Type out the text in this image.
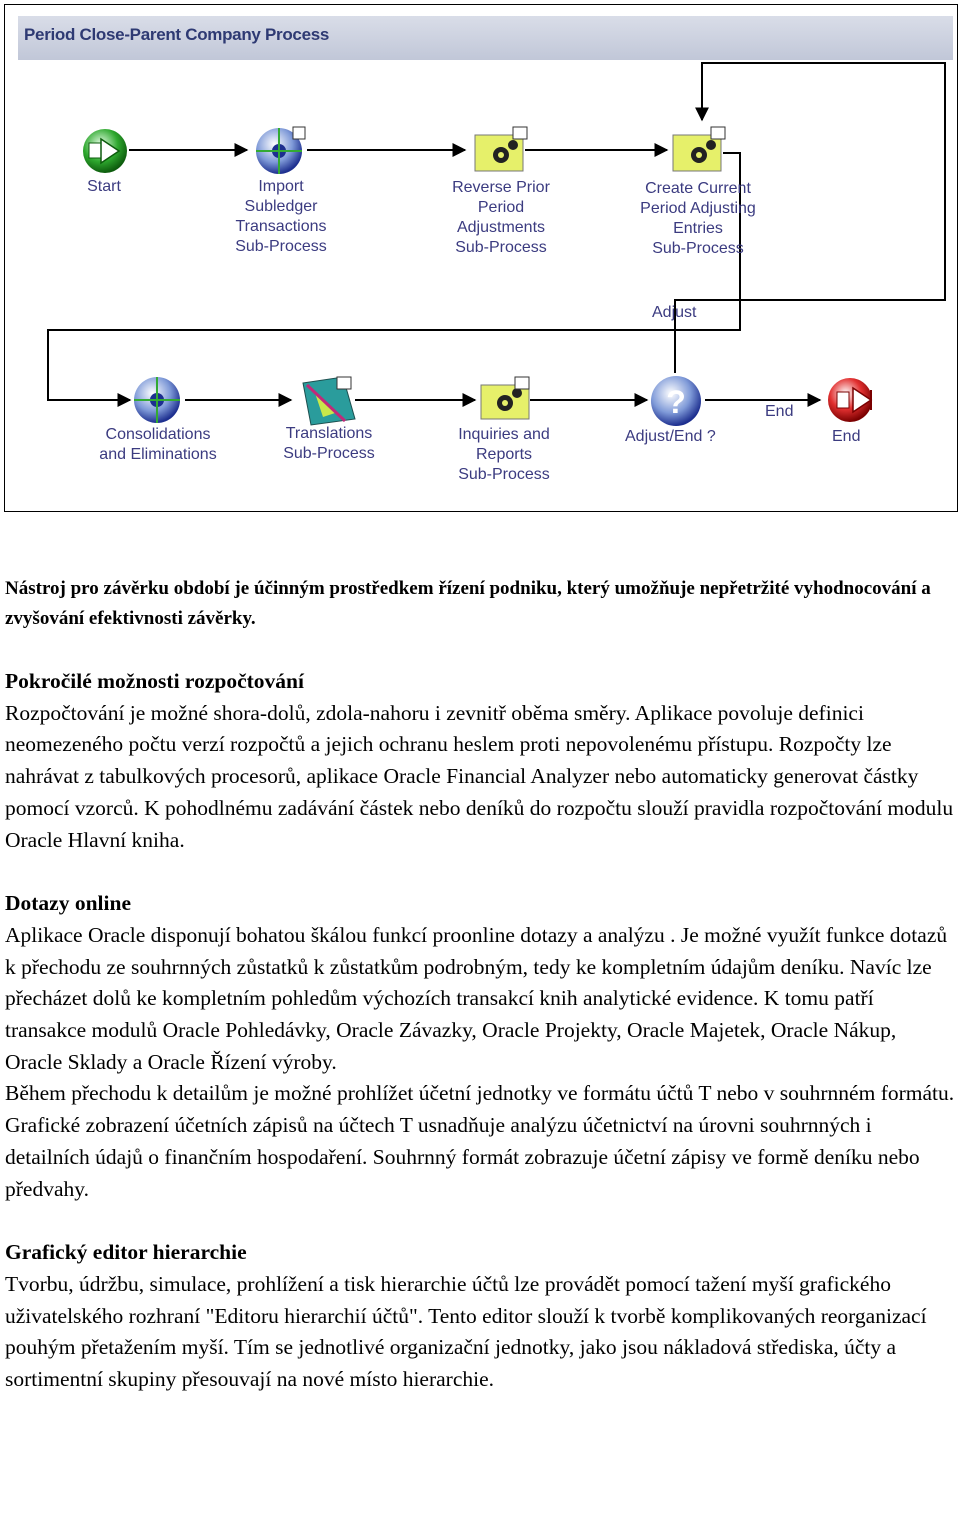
Period Close-Parent Company Process
?
Start	Import
Subledger
Transactions
Sub-Process
Reverse Prior
Period
Adjustments
Sub-Process
Create Current
Period Adjusting
Entries
Sub-Process
Adjust
Consolidations
and Eliminations
Translations
Sub-Process
Inquiries and
Reports
Sub-Process
Adjust/End ?
End
End

Nástroj pro závěrku období je účinným prostředkem řízení podniku, který umožňuje nepřetržité vyhodnocování a zvyšování efektivnosti závěrky.

Pokročilé možnosti rozpočtování

Rozpočtování je možné shora-dolů, zdola-nahoru i zevnitř oběma směry. Aplikace povoluje definici neomezeného počtu verzí rozpočtů a jejich ochranu heslem proti nepovolenému přístupu. Rozpočty lze nahrávat z tabulkových procesorů, aplikace Oracle Financial Analyzer nebo automaticky generovat částky pomocí vzorců. K pohodlnému zadávání částek nebo deníků do rozpočtu slouží pravidla rozpočtování modulu Oracle Hlavní kniha.

Dotazy online

Aplikace Oracle disponují bohatou škálou funkcí proonline dotazy a analýzu . Je možné využít funkce dotazů k přechodu ze souhrnných zůstatků k zůstatkům podrobným, tedy ke kompletním údajům deníku. Navíc lze přecházet dolů ke kompletním pohledům výchozích transakcí knih analytické evidence. K tomu patří transakce modulů Oracle Pohledávky, Oracle Závazky, Oracle Projekty, Oracle Majetek, Oracle Nákup, Oracle Sklady a Oracle Řízení výroby.

Během přechodu k detailům je možné prohlížet účetní jednotky ve formátu účtů T nebo v souhrnném formátu. Grafické zobrazení účetních zápisů na účtech T usnadňuje analýzu účetnictví na úrovni souhrnných i detailních údajů o finančním hospodaření. Souhrnný formát zobrazuje účetní zápisy ve formě deníku nebo předvahy.

Grafický editor hierarchie

Tvorbu, údržbu, simulace, prohlížení a tisk hierarchie účtů lze provádět pomocí tažení myší grafického uživatelského rozhraní "Editoru hierarchií účtů". Tento editor slouží k tvorbě komplikovaných reorganizací pouhým přetažením myší. Tím se jednotlivé organizační jednotky, jako jsou nákladová střediska, účty a sortimentní skupiny přesouvají na nové místo hierarchie.
